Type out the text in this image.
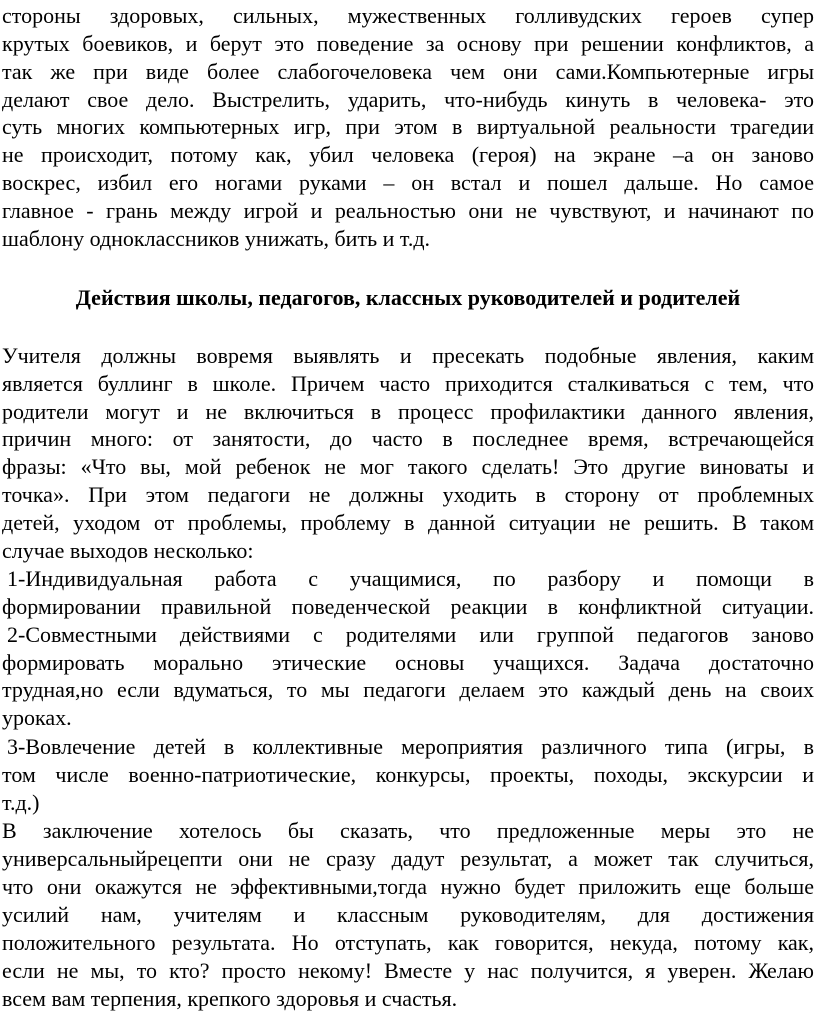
стороны здоровых, сильных, мужественных голливудских героев супер
крутых боевиков, и берут это поведение за основу при решении конфликтов, а
так же при виде более слабогочеловека чем они сами.Компьютерные игры
делают свое дело. Выстрелить, ударить, что-нибудь кинуть в человека- это
суть многих компьютерных игр, при этом в виртуальной реальности трагедии
не происходит, потому как, убил человека (героя) на экране –а он заново
воскрес, избил его ногами руками – он встал и пошел дальше. Но самое
главное - грань между игрой и реальностью они не чувствуют, и начинают по
шаблону одноклассников унижать, бить и т.д.
Действия школы, педагогов, классных руководителей и родителей
Учителя должны вовремя выявлять и пресекать подобные явления, каким
является буллинг в школе. Причем часто приходится сталкиваться с тем, что
родители могут и не включиться в процесс профилактики данного явления,
причин много: от занятости, до часто в последнее время, встречающейся
фразы: «Что вы, мой ребенок не мог такого сделать! Это другие виноваты и
точка». При этом педагоги не должны уходить в сторону от проблемных
детей, уходом от проблемы, проблему в данной ситуации не решить. В таком
случае выходов несколько:
1-Индивидуальная работа с учащимися, по разбору и помощи в
формировании правильной поведенческой реакции в конфликтной ситуации.
2-Совместными действиями с родителями или группой педагогов заново
формировать морально этические основы учащихся. Задача достаточно
трудная,но если вдуматься, то мы педагоги делаем это каждый день на своих
уроках.
3-Вовлечение детей в коллективные мероприятия различного типа (игры, в
том числе военно-патриотические, конкурсы, проекты, походы, экскурсии и
т.д.)
В заключение хотелось бы сказать, что предложенные меры это не
универсальныйрецепти они не сразу дадут результат, а может так случиться,
что они окажутся не эффективными,тогда нужно будет приложить еще больше
усилий нам, учителям и классным руководителям, для достижения
положительного результата. Но отступать, как говорится, некуда, потому как,
если не мы, то кто? просто некому! Вместе у нас получится, я уверен. Желаю
всем вам терпения, крепкого здоровья и счастья.
